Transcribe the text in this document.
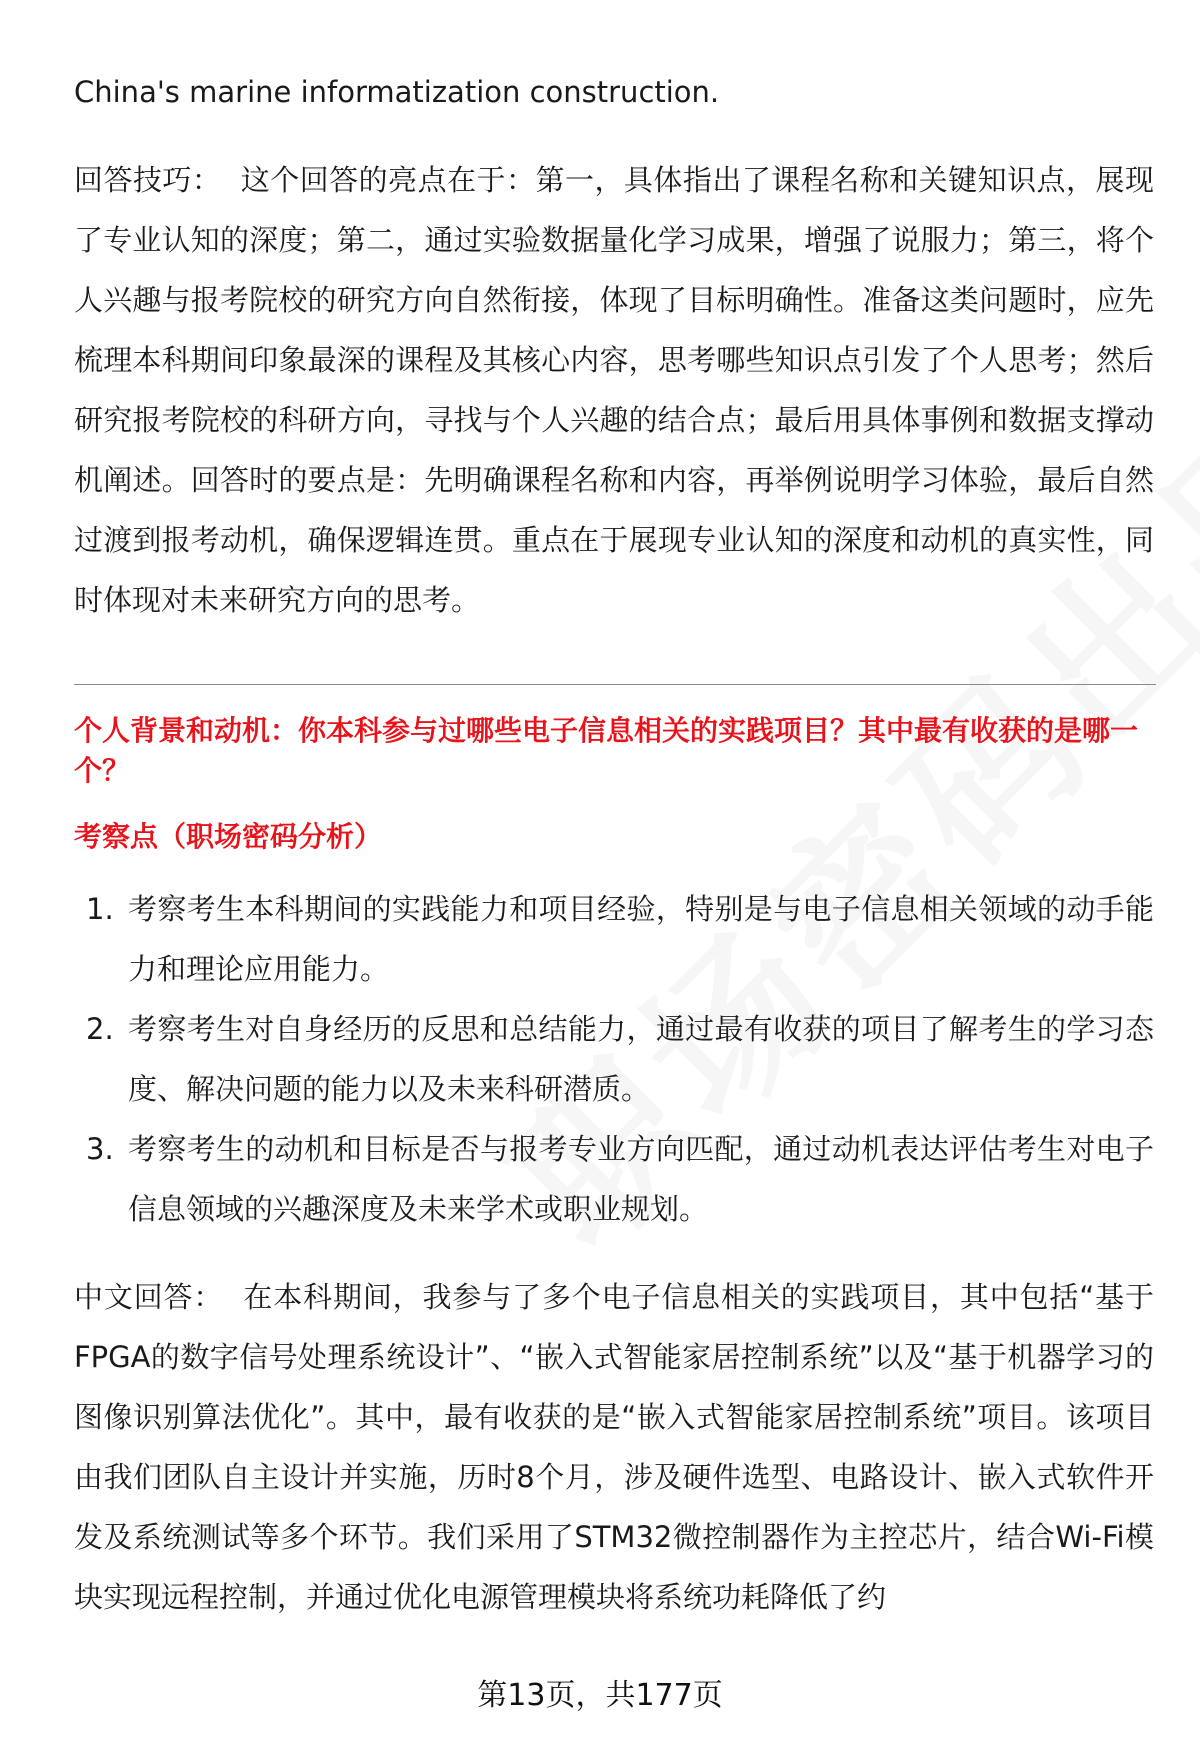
China's marine informatization construction.

回答技巧： 这个回答的亮点在于：第一，具体指出了课程名称和关键知识点，展现了专业认知的深度；第二，通过实验数据量化学习成果，增强了说服力；第三，将个人兴趣与报考院校的研究方向自然衔接，体现了目标明确性。准备这类问题时，应先梳理本科期间印象最深的课程及其核心内容，思考哪些知识点引发了个人思考；然后研究报考院校的科研方向，寻找与个人兴趣的结合点；最后用具体事例和数据支撑动机阐述。回答时的要点是：先明确课程名称和内容，再举例说明学习体验，最后自然过渡到报考动机，确保逻辑连贯。重点在于展现专业认知的深度和动机的真实性，同时体现对未来研究方向的思考。

个人背景和动机：你本科参与过哪些电子信息相关的实践项目？其中最有收获的是哪一个？
考察点（职场密码分析）
1. 考察考生本科期间的实践能力和项目经验，特别是与电子信息相关领域的动手能力和理论应用能力。
2. 考察考生对自身经历的反思和总结能力，通过最有收获的项目了解考生的学习态度、解决问题的能力以及未来科研潜质。
3. 考察考生的动机和目标是否与报考专业方向匹配，通过动机表达评估考生对电子信息领域的兴趣深度及未来学术或职业规划。

中文回答： 在本科期间，我参与了多个电子信息相关的实践项目，其中包括“基于FPGA的数字信号处理系统设计”、“嵌入式智能家居控制系统”以及“基于机器学习的图像识别算法优化”。其中，最有收获的是“嵌入式智能家居控制系统”项目。该项目由我们团队自主设计并实施，历时8个月，涉及硬件选型、电路设计、嵌入式软件开发及系统测试等多个环节。我们采用了STM32微控制器作为主控芯片，结合Wi-Fi模块实现远程控制，并通过优化电源管理模块将系统功耗降低了约

第13页，共177页
